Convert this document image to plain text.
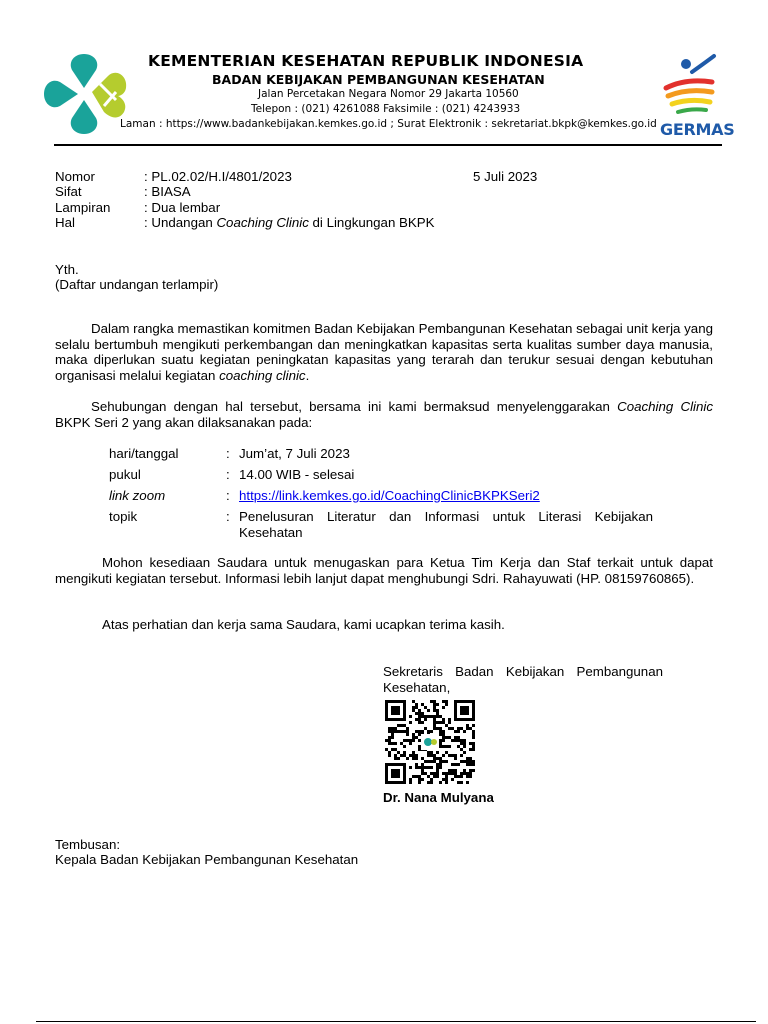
KEMENTERIAN KESEHATAN REPUBLIK INDONESIA
BADAN KEBIJAKAN PEMBANGUNAN KESEHATAN
Jalan Percetakan Negara Nomor 29 Jakarta 10560
Telepon : (021) 4261088 Faksimile : (021) 4243933
Laman : https://www.badankebijakan.kemkes.go.id ; Surat Elektronik : sekretariat.bkpk@kemkes.go.id GERMAS
Nomor	: PL.02.02/H.I/4801/2023	5 Juli 2023
Sifat	: BIASA
Lampiran	: Dua lembar
Hal	: Undangan Coaching Clinic di Lingkungan BKPK
Yth.
(Daftar undangan terlampir)

Dalam rangka memastikan komitmen Badan Kebijakan Pembangunan Kesehatan sebagai unit kerja yang selalu bertumbuh mengikuti perkembangan dan meningkatkan kapasitas serta kualitas sumber daya manusia, maka diperlukan suatu kegiatan peningkatan kapasitas yang terarah dan terukur sesuai dengan kebutuhan organisasi melalui kegiatan coaching clinic.

Sehubungan dengan hal tersebut, bersama ini kami bermaksud menyelenggarakan Coaching Clinic BKPK Seri 2 yang akan dilaksanakan pada:

hari/tanggal	: Jum’at, 7 Juli 2023
pukul	: 14.00 WIB - selesai
link zoom	: https://link.kemkes.go.id/CoachingClinicBKPKSeri2
topik	: Penelusuran Literatur dan Informasi untuk Literasi Kebijakan Kesehatan

Mohon kesediaan Saudara untuk menugaskan para Ketua Tim Kerja dan Staf terkait untuk dapat mengikuti kegiatan tersebut. Informasi lebih lanjut dapat menghubungi Sdri. Rahayuwati (HP. 08159760865).

Atas perhatian dan kerja sama Saudara, kami ucapkan terima kasih.

Sekretaris Badan Kebijakan Pembangunan Kesehatan,
Dr. Nana Mulyana
Tembusan:
Kepala Badan Kebijakan Pembangunan Kesehatan
